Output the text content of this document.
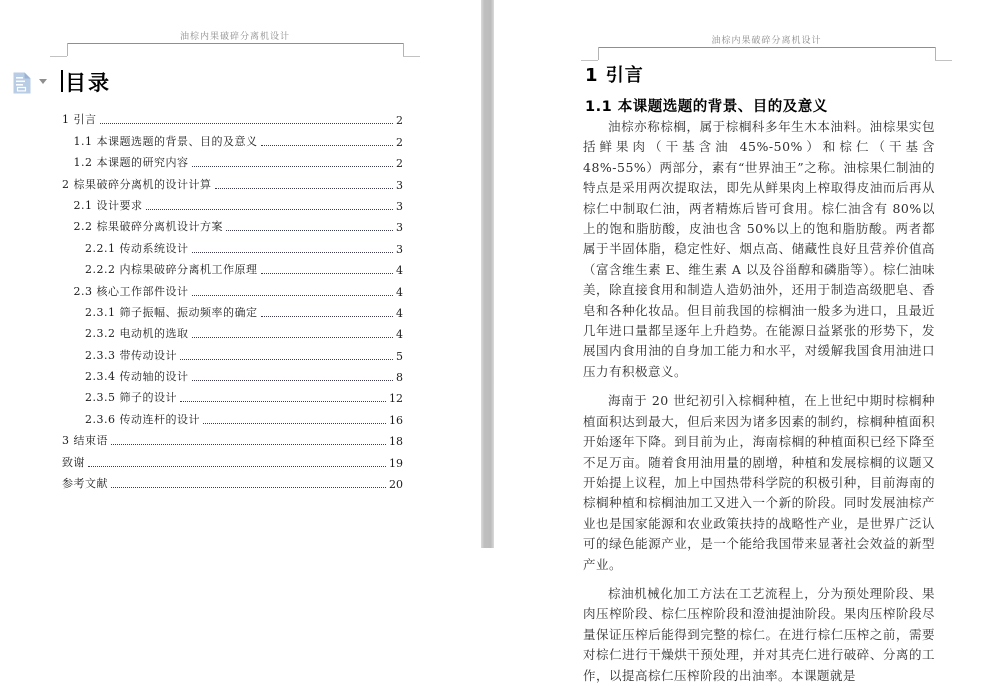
油棕内果破碎分离机设计
目录
1 引言	2
1.1 本课题选题的背景、目的及意义	2
1.2 本课题的研究内容	2
2 棕果破碎分离机的设计计算	3
2.1 设计要求	3
2.2 棕果破碎分离机设计方案	3
2.2.1 传动系统设计	3
2.2.2 内棕果破碎分离机工作原理	4
2.3 核心工作部件设计	4
2.3.1 筛子振幅、振动频率的确定	4
2.3.2 电动机的选取	4
2.3.3 带传动设计	5
2.3.4 传动轴的设计	8
2.3.5 筛子的设计	12
2.3.6 传动连杆的设计	16
3 结束语	18
致谢	19
参考文献	20
油棕内果破碎分离机设计
1 引言
1.1 本课题选题的背景、目的及意义

油棕亦称棕榈，属于棕榈科多年生木本油料。油棕果实包括鲜果肉（干基含油 45%-50%）和棕仁（干基含 48%-55%）两部分，素有“世界油王”之称。油棕果仁制油的特点是采用两次提取法，即先从鲜果肉上榨取得皮油而后再从棕仁中制取仁油，两者精炼后皆可食用。棕仁油含有 80%以上的饱和脂肪酸，皮油也含 50%以上的饱和脂肪酸。两者都属于半固体脂，稳定性好、烟点高、储藏性良好且营养价值高（富含维生素 E、维生素 A 以及谷甾醇和磷脂等）。棕仁油味美，除直接食用和制造人造奶油外，还用于制造高级肥皂、香皂和各种化妆品。但目前我国的棕榈油一般多为进口，且最近几年进口量都呈逐年上升趋势。在能源日益紧张的形势下，发展国内食用油的自身加工能力和水平，对缓解我国食用油进口压力有积极意义。

海南于 20 世纪初引入棕榈种植，在上世纪中期时棕榈种植面积达到最大，但后来因为诸多因素的制约，棕榈种植面积开始逐年下降。到目前为止，海南棕榈的种植面积已经下降至不足万亩。随着食用油用量的剧增，种植和发展棕榈的议题又开始提上议程，加上中国热带科学院的积极引种，目前海南的棕榈种植和棕榈油加工又进入一个新的阶段。同时发展油棕产业也是国家能源和农业政策扶持的战略性产业，是世界广泛认可的绿色能源产业，是一个能给我国带来显著社会效益的新型产业。

棕油机械化加工方法在工艺流程上，分为预处理阶段、果肉压榨阶段、棕仁压榨阶段和澄油提油阶段。果肉压榨阶段尽量保证压榨后能得到完整的棕仁。在进行棕仁压榨之前，需要对棕仁进行干燥烘干预处理，并对其壳仁进行破碎、分离的工作，以提高棕仁压榨阶段的出油率。本课题就是
